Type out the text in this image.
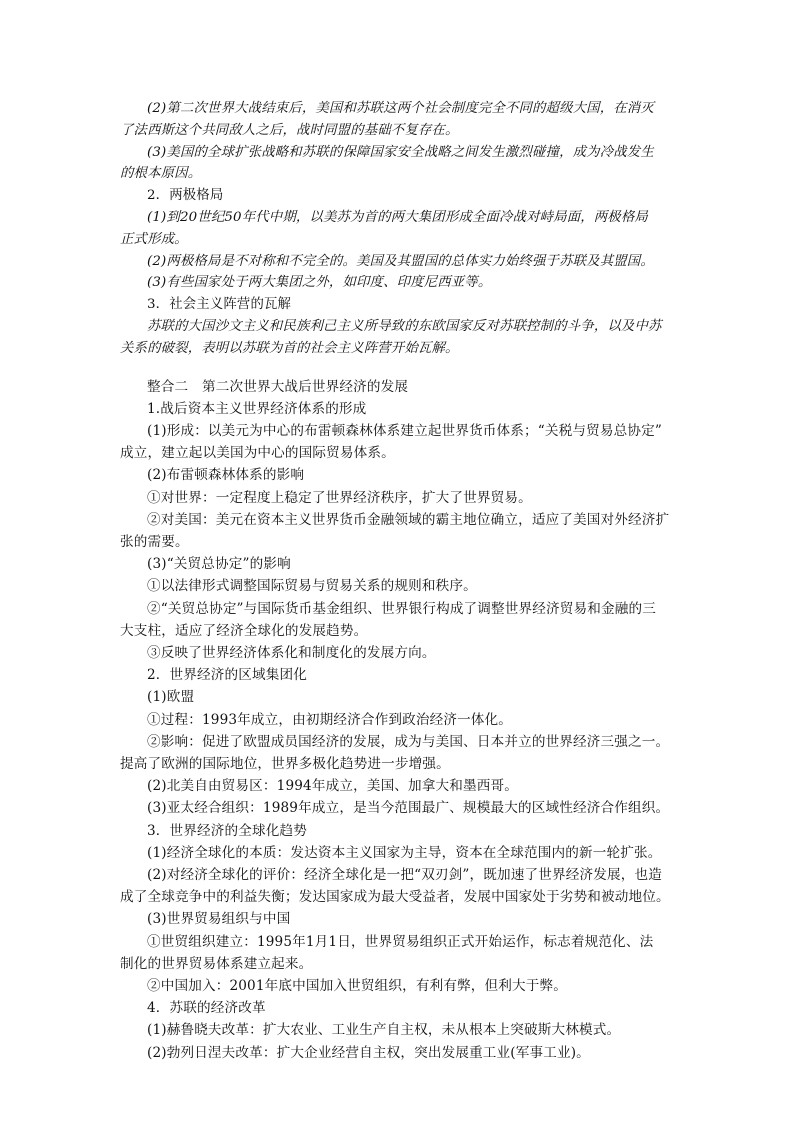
(2)第二次世界大战结束后，美国和苏联这两个社会制度完全不同的超级大国，在消灭
了法西斯这个共同敌人之后，战时同盟的基础不复存在。
(3)美国的全球扩张战略和苏联的保障国家安全战略之间发生激烈碰撞，成为冷战发生
的根本原因。
2．两极格局
(1)到20世纪50年代中期，以美苏为首的两大集团形成全面冷战对峙局面，两极格局
正式形成。
(2)两极格局是不对称和不完全的。美国及其盟国的总体实力始终强于苏联及其盟国。
(3)有些国家处于两大集团之外，如印度、印度尼西亚等。
3．社会主义阵营的瓦解
苏联的大国沙文主义和民族利己主义所导致的东欧国家反对苏联控制的斗争，以及中苏
关系的破裂，表明以苏联为首的社会主义阵营开始瓦解。
整合二　第二次世界大战后世界经济的发展
1.战后资本主义世界经济体系的形成
(1)形成：以美元为中心的布雷顿森林体系建立起世界货币体系；“关税与贸易总协定”
成立，建立起以美国为中心的国际贸易体系。
(2)布雷顿森林体系的影响
①对世界：一定程度上稳定了世界经济秩序，扩大了世界贸易。
②对美国：美元在资本主义世界货币金融领域的霸主地位确立，适应了美国对外经济扩
张的需要。
(3)“关贸总协定”的影响
①以法律形式调整国际贸易与贸易关系的规则和秩序。
②“关贸总协定”与国际货币基金组织、世界银行构成了调整世界经济贸易和金融的三
大支柱，适应了经济全球化的发展趋势。
③反映了世界经济体系化和制度化的发展方向。
2．世界经济的区域集团化
(1)欧盟
①过程：1993年成立，由初期经济合作到政治经济一体化。
②影响：促进了欧盟成员国经济的发展，成为与美国、日本并立的世界经济三强之一。
提高了欧洲的国际地位，世界多极化趋势进一步增强。
(2)北美自由贸易区：1994年成立，美国、加拿大和墨西哥。
(3)亚太经合组织：1989年成立，是当今范围最广、规模最大的区域性经济合作组织。
3．世界经济的全球化趋势
(1)经济全球化的本质：发达资本主义国家为主导，资本在全球范围内的新一轮扩张。
(2)对经济全球化的评价：经济全球化是一把“双刃剑”，既加速了世界经济发展，也造
成了全球竞争中的利益失衡；发达国家成为最大受益者，发展中国家处于劣势和被动地位。
(3)世界贸易组织与中国
①世贸组织建立：1995年1月1日，世界贸易组织正式开始运作，标志着规范化、法
制化的世界贸易体系建立起来。
②中国加入：2001年底中国加入世贸组织，有利有弊，但利大于弊。
4．苏联的经济改革
(1)赫鲁晓夫改革：扩大农业、工业生产自主权，未从根本上突破斯大林模式。
(2)勃列日涅夫改革：扩大企业经营自主权，突出发展重工业(军事工业)。
